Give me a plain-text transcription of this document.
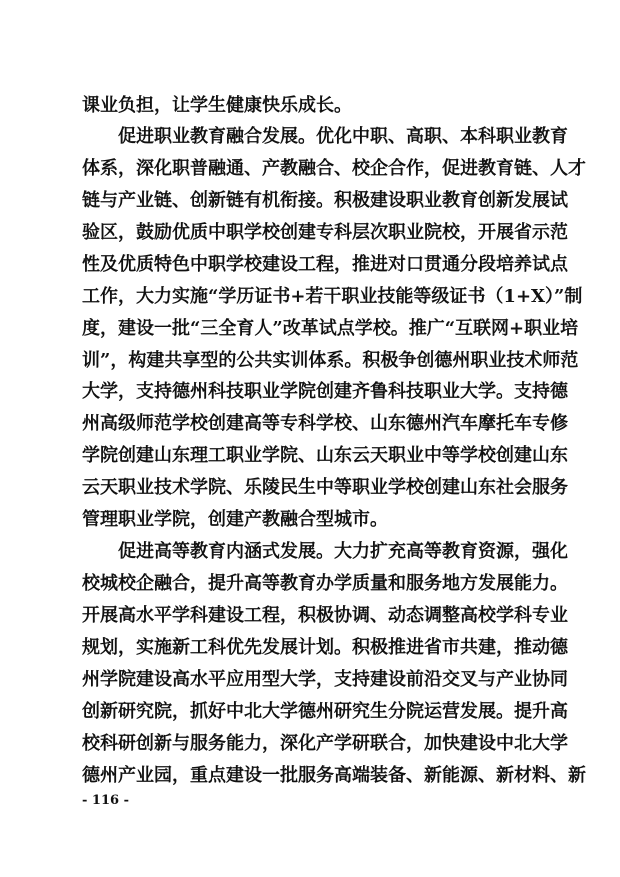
课业负担，让学生健康快乐成长。
促进职业教育融合发展。优化中职、高职、本科职业教育
体系，深化职普融通、产教融合、校企合作，促进教育链、人才
链与产业链、创新链有机衔接。积极建设职业教育创新发展试
验区，鼓励优质中职学校创建专科层次职业院校，开展省示范
性及优质特色中职学校建设工程，推进对口贯通分段培养试点
工作，大力实施“学历证书+若干职业技能等级证书（1+X）”制
度，建设一批“三全育人”改革试点学校。推广“互联网+职业培
训”，构建共享型的公共实训体系。积极争创德州职业技术师范
大学，支持德州科技职业学院创建齐鲁科技职业大学。支持德
州高级师范学校创建高等专科学校、山东德州汽车摩托车专修
学院创建山东理工职业学院、山东云天职业中等学校创建山东
云天职业技术学院、乐陵民生中等职业学校创建山东社会服务
管理职业学院，创建产教融合型城市。
促进高等教育内涵式发展。大力扩充高等教育资源，强化
校城校企融合，提升高等教育办学质量和服务地方发展能力。
开展高水平学科建设工程，积极协调、动态调整高校学科专业
规划，实施新工科优先发展计划。积极推进省市共建，推动德
州学院建设高水平应用型大学，支持建设前沿交叉与产业协同
创新研究院，抓好中北大学德州研究生分院运营发展。提升高
校科研创新与服务能力，深化产学研联合，加快建设中北大学
德州产业园，重点建设一批服务高端装备、新能源、新材料、新
- 116 -
